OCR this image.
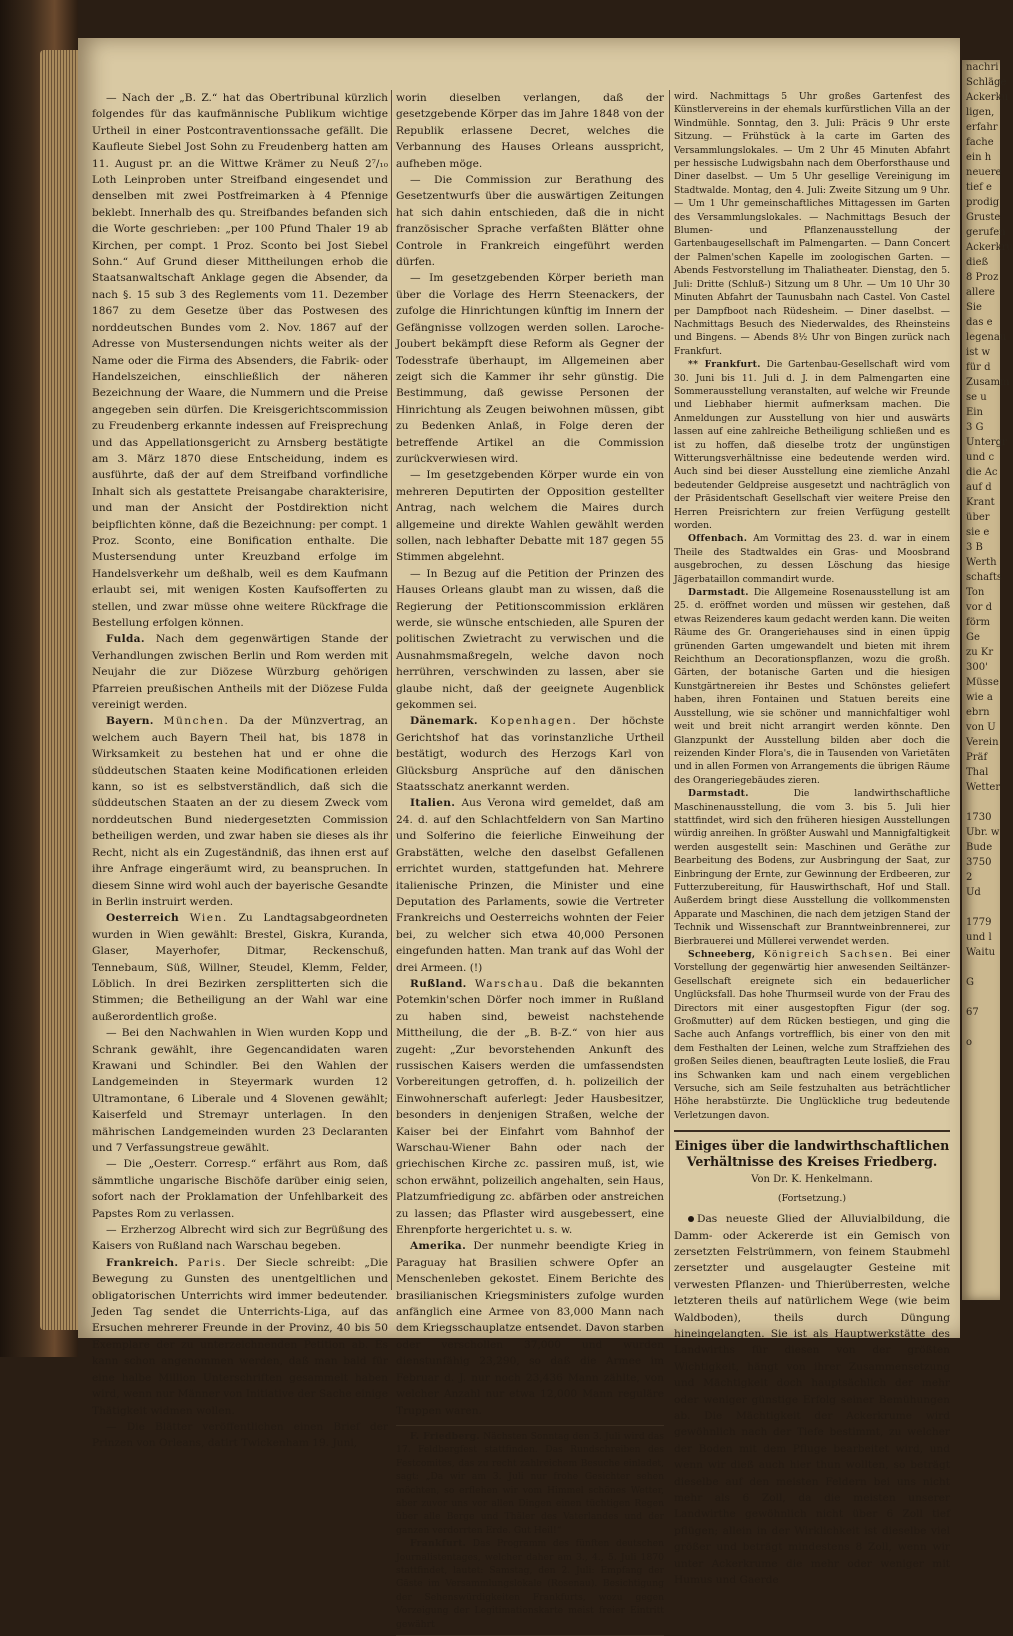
— Nach der „B. Z.“ hat das Obertribunal kürzlich folgendes für das kaufmännische Publikum wichtige Urtheil in einer Postcontraventionssache gefällt. Die Kaufleute Siebel Jost Sohn zu Freudenberg hatten am 11. August pr. an die Wittwe Krämer zu Neuß 2⁷/₁₀ Loth Leinproben unter Streifband eingesendet und denselben mit zwei Postfreimarken à 4 Pfennige beklebt. Innerhalb des qu. Streifbandes befanden sich die Worte geschrieben: „per 100 Pfund Thaler 19 ab Kirchen, per compt. 1 Proz. Sconto bei Jost Siebel Sohn.“ Auf Grund dieser Mittheilungen erhob die Staatsanwaltschaft Anklage gegen die Absender, da nach §. 15 sub 3 des Reglements vom 11. Dezember 1867 zu dem Gesetze über das Postwesen des norddeutschen Bundes vom 2. Nov. 1867 auf der Adresse von Mustersendungen nichts weiter als der Name oder die Firma des Absenders, die Fabrik- oder Handelszeichen, einschließlich der näheren Bezeichnung der Waare, die Nummern und die Preise angegeben sein dürfen. Die Kreisgerichtscommission zu Freudenberg erkannte indessen auf Freisprechung und das Appellationsgericht zu Arnsberg bestätigte am 3. März 1870 diese Entscheidung, indem es ausführte, daß der auf dem Streifband vorfindliche Inhalt sich als gestattete Preisangabe charakterisire, und man der Ansicht der Postdirektion nicht beipflichten könne, daß die Bezeichnung: per compt. 1 Proz. Sconto, eine Bonification enthalte. Die Mustersendung unter Kreuzband erfolge im Handelsverkehr um deßhalb, weil es dem Kaufmann erlaubt sei, mit wenigen Kosten Kaufsofferten zu stellen, und zwar müsse ohne weitere Rückfrage die Bestellung erfolgen können.

Fulda. Nach dem gegenwärtigen Stande der Verhandlungen zwischen Berlin und Rom werden mit Neujahr die zur Diözese Würzburg gehörigen Pfarreien preußischen Antheils mit der Diözese Fulda vereinigt werden.

Bayern. München. Da der Münzvertrag, an welchem auch Bayern Theil hat, bis 1878 in Wirksamkeit zu bestehen hat und er ohne die süddeutschen Staaten keine Modificationen erleiden kann, so ist es selbstverständlich, daß sich die süddeutschen Staaten an der zu diesem Zweck vom norddeutschen Bund niedergesetzten Commission betheiligen werden, und zwar haben sie dieses als ihr Recht, nicht als ein Zugeständniß, das ihnen erst auf ihre Anfrage eingeräumt wird, zu beanspruchen. In diesem Sinne wird wohl auch der bayerische Gesandte in Berlin instruirt werden.

Oesterreich Wien. Zu Landtagsabgeordneten wurden in Wien gewählt: Brestel, Giskra, Kuranda, Glaser, Mayerhofer, Ditmar, Reckenschuß, Tennebaum, Süß, Willner, Steudel, Klemm, Felder, Löblich. In drei Bezirken zersplitterten sich die Stimmen; die Betheiligung an der Wahl war eine außerordentlich große.

— Bei den Nachwahlen in Wien wurden Kopp und Schrank gewählt, ihre Gegencandidaten waren Krawani und Schindler. Bei den Wahlen der Landgemeinden in Steyermark wurden 12 Ultramontane, 6 Liberale und 4 Slovenen gewählt; Kaiserfeld und Stremayr unterlagen. In den mährischen Landgemeinden wurden 23 Declaranten und 7 Verfassungstreue gewählt.

— Die „Oesterr. Corresp.“ erfährt aus Rom, daß sämmtliche ungarische Bischöfe darüber einig seien, sofort nach der Proklamation der Unfehlbarkeit des Papstes Rom zu verlassen.

— Erzherzog Albrecht wird sich zur Begrüßung des Kaisers von Rußland nach Warschau begeben.

Frankreich. Paris. Der Siecle schreibt: „Die Bewegung zu Gunsten des unentgeltlichen und obligatorischen Unterrichts wird immer bedeutender. Jeden Tag sendet die Unterrichts-Liga, auf das Ersuchen mehrerer Freunde in der Provinz, 40 bis 50 Exemplare der zu unterzeichnenden Petition ab. Es kann schon angenommen werden, daß man bald für eine halbe Million Unterschriften gesammelt haben wird, wenn nur Männer von Initiative der Sache einige Thätigkeit widmen wollen.

— Die Blätter veröffentlichen einen Brief der Prinzen von Orleans, datirt Twickenham 19. Juni,

worin dieselben verlangen, daß der gesetzgebende Körper das im Jahre 1848 von der Republik erlassene Decret, welches die Verbannung des Hauses Orleans ausspricht, aufheben möge.

— Die Commission zur Berathung des Gesetzentwurfs über die auswärtigen Zeitungen hat sich dahin entschieden, daß die in nicht französischer Sprache verfaßten Blätter ohne Controle in Frankreich eingeführt werden dürfen.

— Im gesetzgebenden Körper berieth man über die Vorlage des Herrn Steenackers, der zufolge die Hinrichtungen künftig im Innern der Gefängnisse vollzogen werden sollen. Laroche-Joubert bekämpft diese Reform als Gegner der Todesstrafe überhaupt, im Allgemeinen aber zeigt sich die Kammer ihr sehr günstig. Die Bestimmung, daß gewisse Personen der Hinrichtung als Zeugen beiwohnen müssen, gibt zu Bedenken Anlaß, in Folge deren der betreffende Artikel an die Commission zurückverwiesen wird.

— Im gesetzgebenden Körper wurde ein von mehreren Deputirten der Opposition gestellter Antrag, nach welchem die Maires durch allgemeine und direkte Wahlen gewählt werden sollen, nach lebhafter Debatte mit 187 gegen 55 Stimmen abgelehnt.

— In Bezug auf die Petition der Prinzen des Hauses Orleans glaubt man zu wissen, daß die Regierung der Petitionscommission erklären werde, sie wünsche entschieden, alle Spuren der politischen Zwietracht zu verwischen und die Ausnahmsmaßregeln, welche davon noch herrühren, verschwinden zu lassen, aber sie glaube nicht, daß der geeignete Augenblick gekommen sei.

Dänemark. Kopenhagen. Der höchste Gerichtshof hat das vorinstanzliche Urtheil bestätigt, wodurch des Herzogs Karl von Glücksburg Ansprüche auf den dänischen Staatsschatz anerkannt werden.

Italien. Aus Verona wird gemeldet, daß am 24. d. auf den Schlachtfeldern von San Martino und Solferino die feierliche Einweihung der Grabstätten, welche den daselbst Gefallenen errichtet wurden, stattgefunden hat. Mehrere italienische Prinzen, die Minister und eine Deputation des Parlaments, sowie die Vertreter Frankreichs und Oesterreichs wohnten der Feier bei, zu welcher sich etwa 40,000 Personen eingefunden hatten. Man trank auf das Wohl der drei Armeen. (!)

Rußland. Warschau. Daß die bekannten Potemkin'schen Dörfer noch immer in Rußland zu haben sind, beweist nachstehende Mittheilung, die der „B. B-Z.“ von hier aus zugeht: „Zur bevorstehenden Ankunft des russischen Kaisers werden die umfassendsten Vorbereitungen getroffen, d. h. polizeilich der Einwohnerschaft auferlegt: Jeder Hausbesitzer, besonders in denjenigen Straßen, welche der Kaiser bei der Einfahrt vom Bahnhof der Warschau-Wiener Bahn oder nach der griechischen Kirche zc. passiren muß, ist, wie schon erwähnt, polizeilich angehalten, sein Haus, Platzumfriedigung zc. abfärben oder anstreichen zu lassen; das Pflaster wird ausgebessert, eine Ehrenpforte hergerichtet u. s. w.

Amerika. Der nunmehr beendigte Krieg in Paraguay hat Brasilien schwere Opfer an Menschenleben gekostet. Einem Berichte des brasilianischen Kriegsministers zufolge wurden anfänglich eine Armee von 83,000 Mann nach dem Kriegsschauplatze entsendet. Davon starben oder verschollen 37,000 und wurden dienstunfähig 23,290, so daß die Armee im Februar d. J. nur noch 23,436 Mann zählte, von welcher Anzahl nur etwa 12,000 Mann reguläre Truppen waren.

F. Friedberg. Nächsten Sonntag den 3. Juli wird das 17. Feldbergfest stattfinden. Das Rundschreiben des Festcomites, das zu recht zahlreichem Besuche einladet, sagt: „Da wir am 3. Juli nur frohe Gesichter sehen möchten, so erflehen wir vom Himmel schönes Wetter, aber zuvor uns vor allen Dingen einen tüchtigen Regen über alle Berge und Thäler des Vaterlandes und der ganzen verdorrten Erde. Gut Heil!“

Frankfurt. Das Programm des fünften deutschen Journalistentages, welcher daher am 3., 4., 5. Juli 1870 stattfindet, lautet: Samstag, den 2. Juli: Empfang der Gäste im Versammlungslokale (Rosenau). Besichtigung der Sehenswürdigkeiten Frankfurts, wozu gegen Vorzeigung der Legitimationskarte meist freier Eintritt gewährt

wird. Nachmittags 5 Uhr großes Gartenfest des Künstlervereins in der ehemals kurfürstlichen Villa an der Windmühle. Sonntag, den 3. Juli: Präcis 9 Uhr erste Sitzung. — Frühstück à la carte im Garten des Versammlungslokales. — Um 2 Uhr 45 Minuten Abfahrt per hessische Ludwigsbahn nach dem Oberforsthause und Diner daselbst. — Um 5 Uhr gesellige Vereinigung im Stadtwalde. Montag, den 4. Juli: Zweite Sitzung um 9 Uhr. — Um 1 Uhr gemeinschaftliches Mittagessen im Garten des Versammlungslokales. — Nachmittags Besuch der Blumen- und Pflanzenausstellung der Gartenbaugesellschaft im Palmengarten. — Dann Concert der Palmen'schen Kapelle im zoologischen Garten. — Abends Festvorstellung im Thaliatheater. Dienstag, den 5. Juli: Dritte (Schluß-) Sitzung um 8 Uhr. — Um 10 Uhr 30 Minuten Abfahrt der Taunusbahn nach Castel. Von Castel per Dampfboot nach Rüdesheim. — Diner daselbst. — Nachmittags Besuch des Niederwaldes, des Rheinsteins und Bingens. — Abends 8½ Uhr von Bingen zurück nach Frankfurt.

** Frankfurt. Die Gartenbau-Gesellschaft wird vom 30. Juni bis 11. Juli d. J. in dem Palmengarten eine Sommerausstellung veranstalten, auf welche wir Freunde und Liebhaber hiermit aufmerksam machen. Die Anmeldungen zur Ausstellung von hier und auswärts lassen auf eine zahlreiche Betheiligung schließen und es ist zu hoffen, daß dieselbe trotz der ungünstigen Witterungsverhältnisse eine bedeutende werden wird. Auch sind bei dieser Ausstellung eine ziemliche Anzahl bedeutender Geldpreise ausgesetzt und nachträglich von der Präsidentschaft Gesellschaft vier weitere Preise den Herren Preisrichtern zur freien Verfügung gestellt worden.

Offenbach. Am Vormittag des 23. d. war in einem Theile des Stadtwaldes ein Gras- und Moosbrand ausgebrochen, zu dessen Löschung das hiesige Jägerbataillon commandirt wurde.

Darmstadt. Die Allgemeine Rosenausstellung ist am 25. d. eröffnet worden und müssen wir gestehen, daß etwas Reizenderes kaum gedacht werden kann. Die weiten Räume des Gr. Orangeriehauses sind in einen üppig grünenden Garten umgewandelt und bieten mit ihrem Reichthum an Decorationspflanzen, wozu die großh. Gärten, der botanische Garten und die hiesigen Kunstgärtnereien ihr Bestes und Schönstes geliefert haben, ihren Fontainen und Statuen bereits eine Ausstellung, wie sie schöner und mannichfaltiger wohl weit und breit nicht arrangirt werden könnte. Den Glanzpunkt der Ausstellung bilden aber doch die reizenden Kinder Flora's, die in Tausenden von Varietäten und in allen Formen von Arrangements die übrigen Räume des Orangeriegebäudes zieren.

Darmstadt.	Die landwirthschaftliche Maschinenausstellung, die vom 3. bis 5. Juli hier stattfindet, wird sich den früheren hiesigen Ausstellungen würdig anreihen. In größter Auswahl und Mannigfaltigkeit werden ausgestellt sein: Maschinen und Geräthe zur Bearbeitung des Bodens, zur Ausbringung der Saat, zur Einbringung der Ernte, zur Gewinnung der Erdbeeren, zur Futterzubereitung, für Hauswirthschaft, Hof und Stall. Außerdem bringt diese Ausstellung die vollkommensten Apparate und Maschinen, die nach dem jetzigen Stand der Technik und Wissenschaft zur Branntweinbrennerei, zur Bierbrauerei und Müllerei verwendet werden.

Schneeberg, Königreich Sachsen. Bei einer Vorstellung der gegenwärtig hier anwesenden Seiltänzer-Gesellschaft ereignete sich ein bedauerlicher Unglücksfall. Das hohe Thurmseil wurde von der Frau des Directors mit einer ausgestopften Figur (der sog. Großmutter) auf dem Rücken bestiegen, und ging die Sache auch Anfangs vortrefflich, bis einer von den mit dem Festhalten der Leinen, welche zum Straffziehen des großen Seiles dienen, beauftragten Leute losließ, die Frau ins Schwanken kam und nach einem vergeblichen Versuche, sich am Seile festzuhalten aus beträchtlicher Höhe herabstürzte. Die Unglückliche trug bedeutende Verletzungen davon.

Einiges über die landwirthschaftlichen Verhältnisse des Kreises Friedberg.
Von Dr. K. Henkelmann.
(Fortsetzung.)

Das neueste Glied der Alluvialbildung, die Damm- oder Ackererde ist ein Gemisch von zersetzten Felstrümmern, von feinem Staubmehl zersetzter und ausgelaugter Gesteine mit verwesten Pflanzen- und Thierüberresten, welche letzteren theils auf natürlichem Wege (wie beim Waldboden), theils durch Düngung hineingelangten. Sie ist als Hauptwerkstätte des Landwirths für diesen von der größten Wichtigkeit, hängt von ihrer Zusammensetzung und Mächtigkeit doch hauptsächlich der mehr oder weniger günstige Erfolg seiner Bemühungen ab. Die Mächtigkeit der Ackerkrume wird gewöhnlich nach der Tiefe bestimmt, zu welcher der Boden mit dem Pfluge bearbeitet wird, und wenn wir dieß auch hier thun wollten, so beträgt dieselbe auf den meisten Feldern bei uns nicht mehr als 6 Zoll, da die meisten unserer Landwirthe gewöhnlich nicht über 6 Zoll tief pflügen; allein in der Wirklichkeit ist dieselbe viel größer und beträgt mindestens 8 Zoll, wenn wir unter Ackerkrume die mehr oder weniger mit Humus und Gaerde

nachri
Schläge
Ackerku
ligen,
erfahr
fache
ein h
neuere
tief e
prodig
Gruste
gerufen
Ackerkru
dieß
8 Proz
allere
Sie
das e
legenau
ist w
für d
Zusamm
se u
Ein
3 G
Untergr
und c
die Ac
auf d
Krant
über
sie e
3 B
Werth
schafts
Ton
vor d
förm
Ge
zu Kr
300'
Müsse
wie a
ebrn
von U
Verein
Präf
Thal
Wetter

1730
Ubr. w
Bude
3750
2
Ud

1779
und l
Waitu

G

67

o
